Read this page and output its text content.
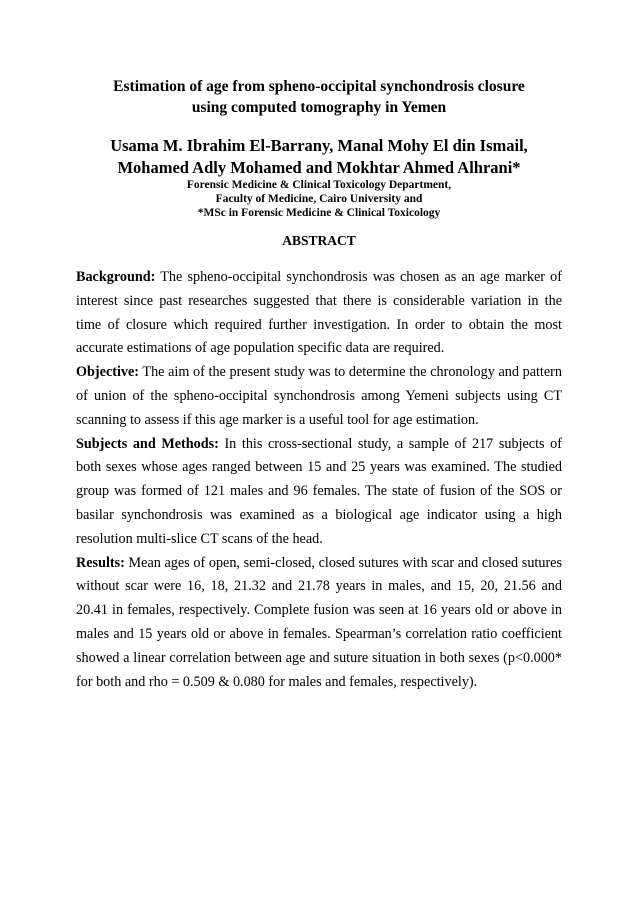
Estimation of age from spheno-occipital synchondrosis closure
using computed tomography in Yemen
Usama M. Ibrahim El-Barrany, Manal Mohy El din Ismail,
Mohamed Adly Mohamed and Mokhtar Ahmed Alhrani*
Forensic Medicine & Clinical Toxicology Department,
Faculty of Medicine, Cairo University and
*MSc in Forensic Medicine & Clinical Toxicology
ABSTRACT

Background: The spheno-occipital synchondrosis was chosen as an age marker of interest since past researches suggested that there is considerable variation in the time of closure which required further investigation. In order to obtain the most accurate estimations of age population specific data are required.

Objective: The aim of the present study was to determine the chronology and pattern of union of the spheno-occipital synchondrosis among Yemeni subjects using CT scanning to assess if this age marker is a useful tool for age estimation.

Subjects and Methods: In this cross-sectional study, a sample of 217 subjects of both sexes whose ages ranged between 15 and 25 years was examined. The studied group was formed of 121 males and 96 females. The state of fusion of the SOS or basilar synchondrosis was examined as a biological age indicator using a high resolution multi-slice CT scans of the head.

Results: Mean ages of open, semi-closed, closed sutures with scar and closed sutures without scar were 16, 18, 21.32 and 21.78 years in males, and 15, 20, 21.56 and 20.41 in females, respectively. Complete fusion was seen at 16 years old or above in males and 15 years old or above in females. Spearman’s correlation ratio coefficient showed a linear correlation between age and suture situation in both sexes (p<0.000* for both and rho = 0.509 & 0.080 for males and females, respectively).
